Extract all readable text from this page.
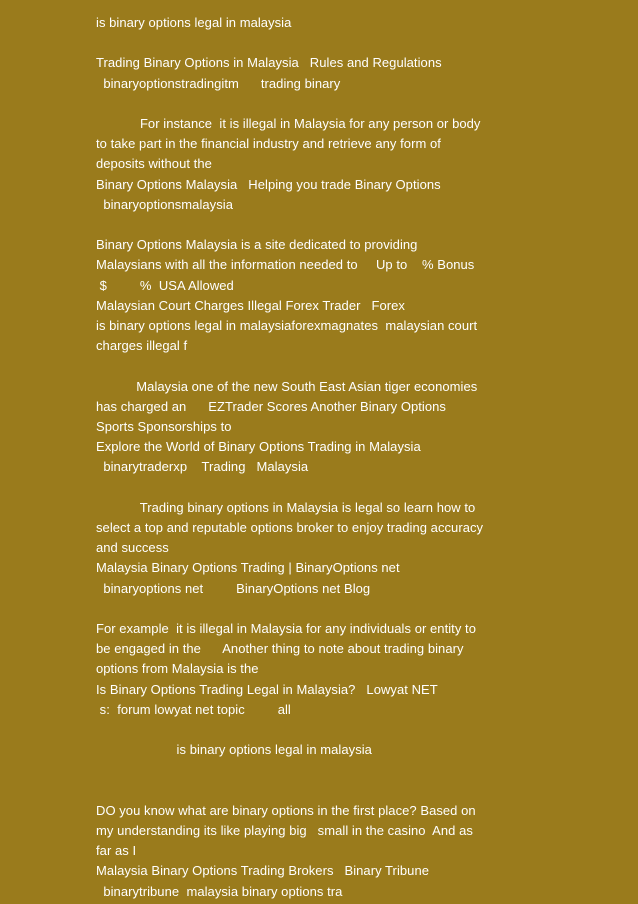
is binary options legal in malaysia
Trading Binary Options in Malaysia   Rules and Regulations
binaryoptionstradingitm      trading binary
For instance  it is illegal in Malaysia for any person or body
to take part in the financial industry and retrieve any form of
deposits without the
Binary Options Malaysia   Helping you trade Binary Options
binaryoptionsmalaysia
Binary Options Malaysia is a site dedicated to providing
Malaysians with all the information needed to     Up to    % Bonus
$         %  USA Allowed
Malaysian Court Charges Illegal Forex Trader   Forex
is binary options legal in malaysiaforexmagnates  malaysian court
charges illegal f
Malaysia one of the new South East Asian tiger economies
has charged an      EZTrader Scores Another Binary Options
Sports Sponsorships to
Explore the World of Binary Options Trading in Malaysia
binarytraderxp    Trading   Malaysia
Trading binary options in Malaysia is legal so learn how to
select a top and reputable options broker to enjoy trading accuracy
and success
Malaysia Binary Options Trading | BinaryOptions net
binaryoptions net         BinaryOptions net Blog
For example  it is illegal in Malaysia for any individuals or entity to
be engaged in the      Another thing to note about trading binary
options from Malaysia is the
Is Binary Options Trading Legal in Malaysia?   Lowyat NET
s:  forum lowyat net topic         all
is binary options legal in malaysia
DO you know what are binary options in the first place? Based on
my understanding its like playing big   small in the casino  And as
far as I
Malaysia Binary Options Trading Brokers   Binary Tribune
binarytribune  malaysia binary options tra
